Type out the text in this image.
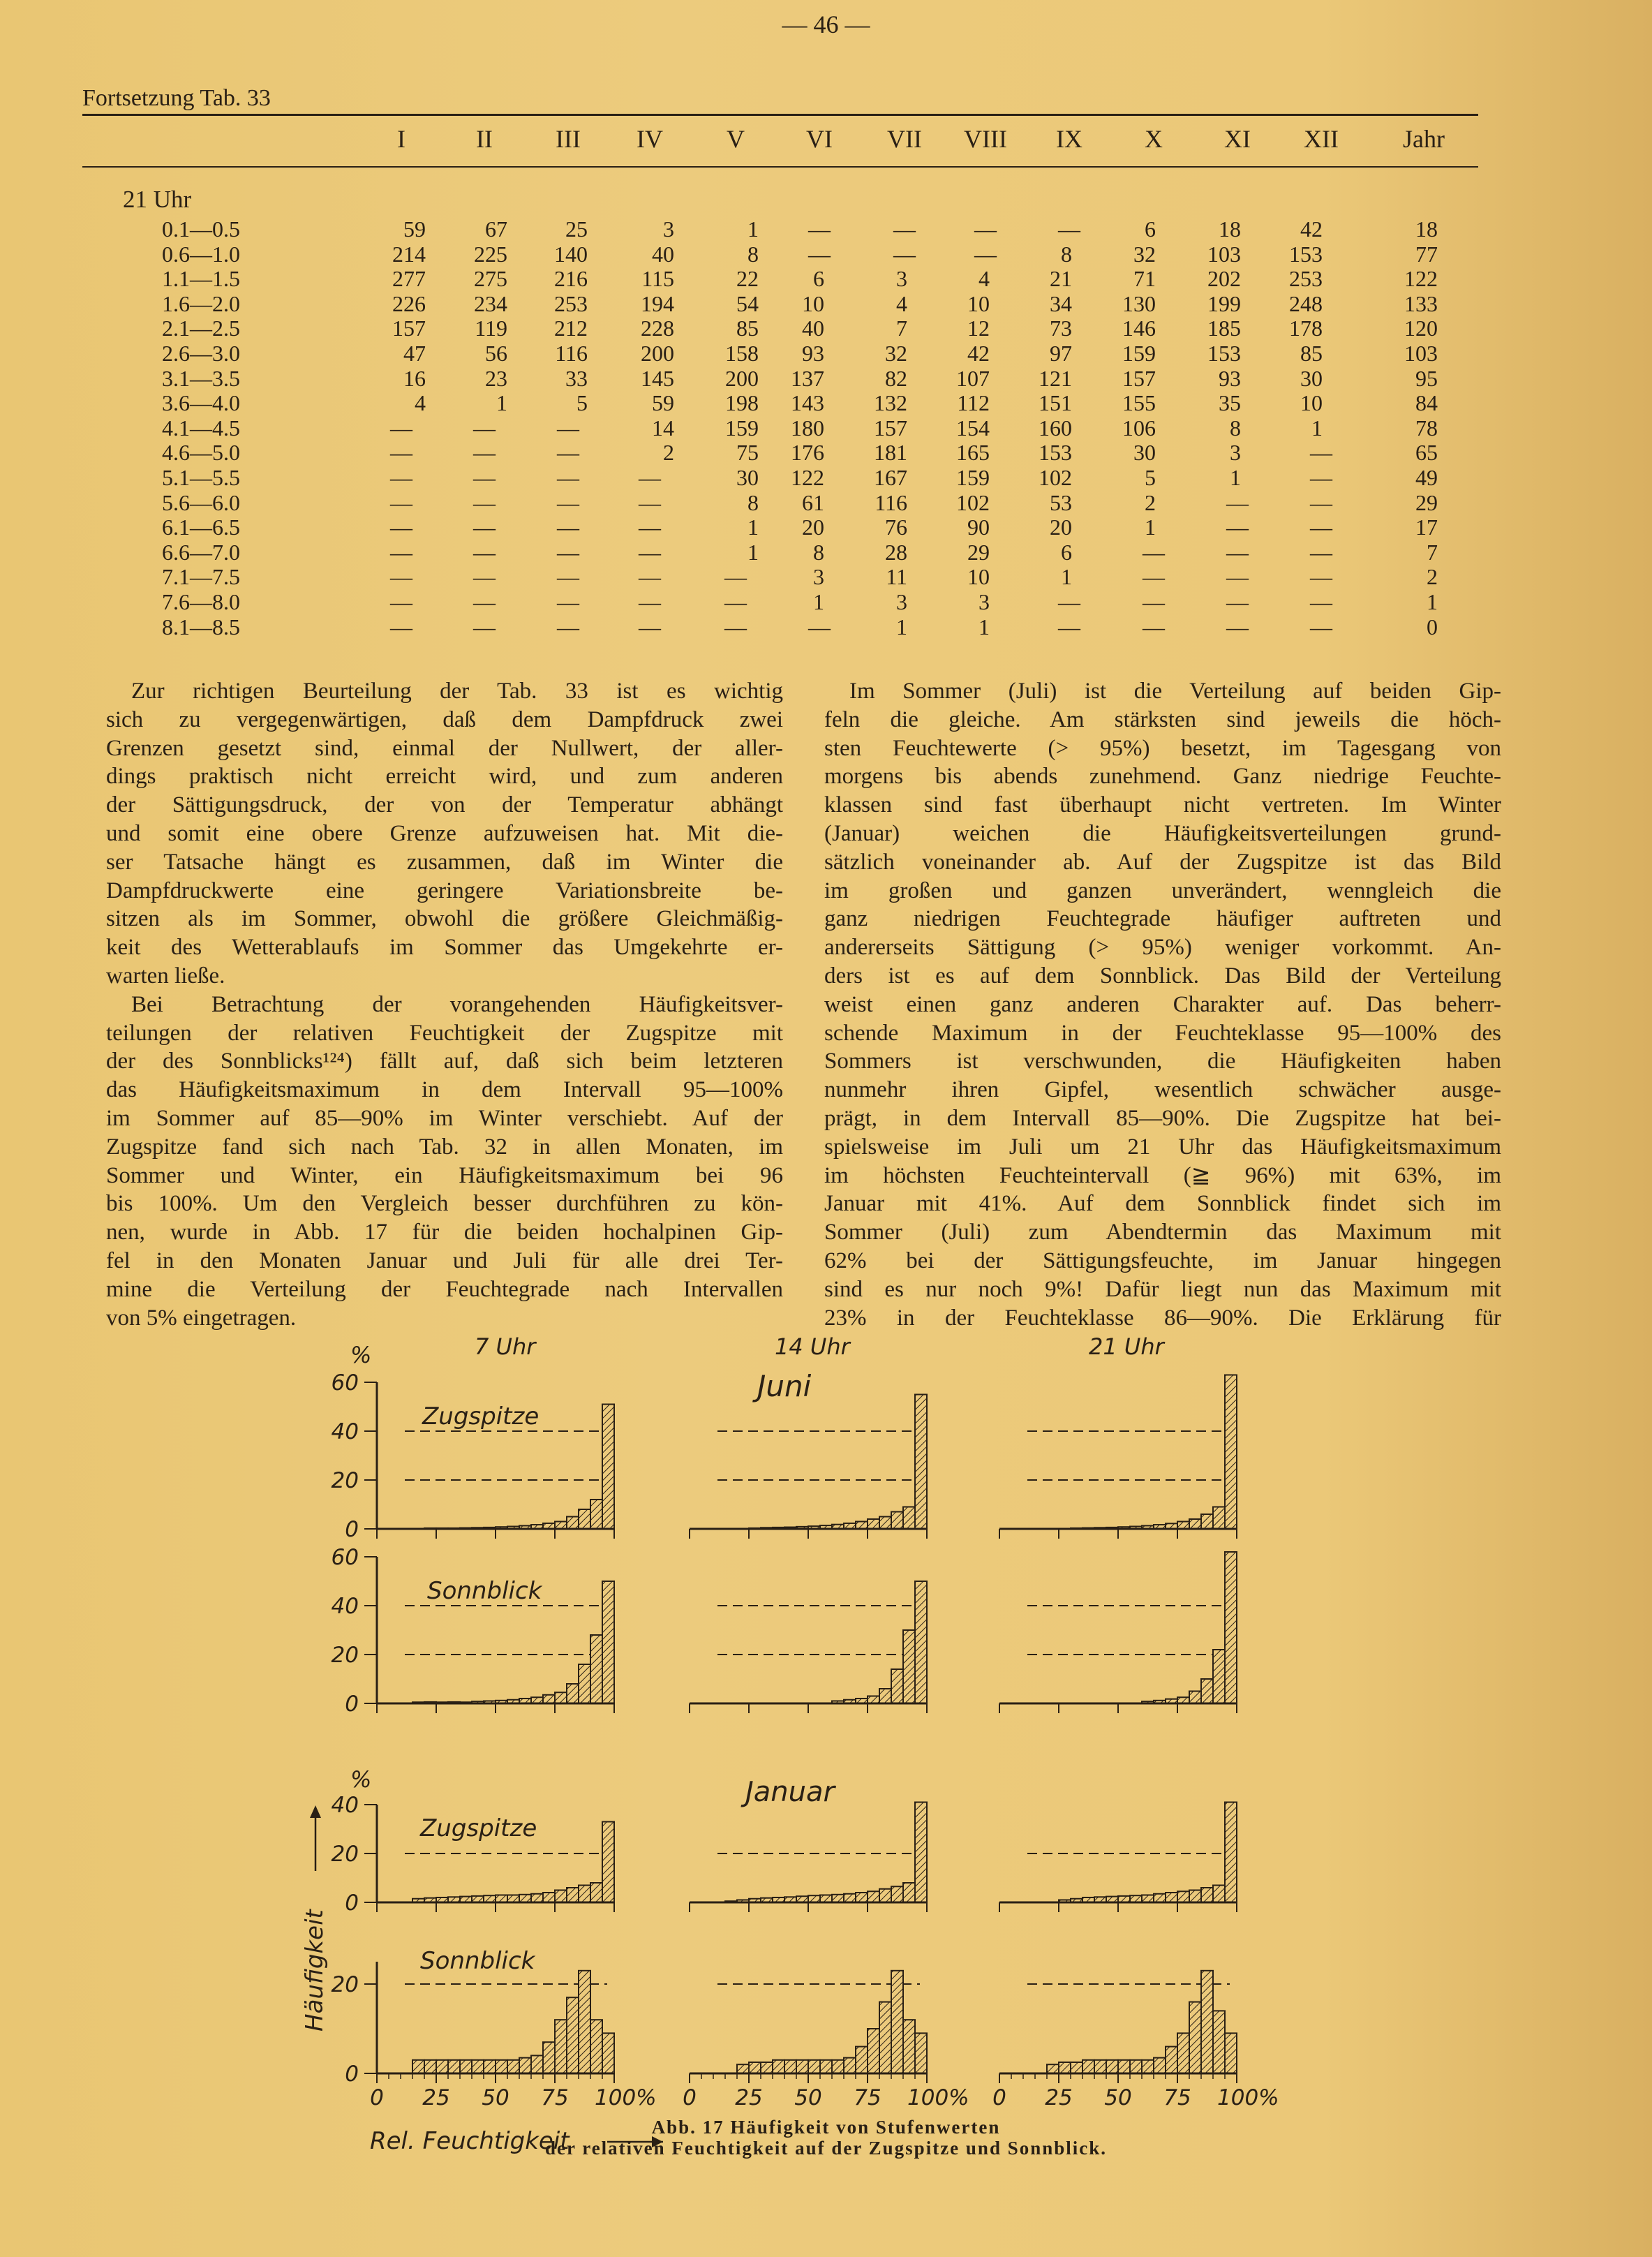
— 46 —
Fortsetzung Tab. 33
I	II	III	IV	V	VI	VII	VIII	IX	X	XI	XII	Jahr
21 Uhr
0.1—0.5	59	67	25	3	1	—	—	—	—	6	18	42	18
0.6—1.0	214	225	140	40	8	—	—	—	8	32	103	153	77
1.1—1.5	277	275	216	115	22	6	3	4	21	71	202	253	122
1.6—2.0	226	234	253	194	54	10	4	10	34	130	199	248	133
2.1—2.5	157	119	212	228	85	40	7	12	73	146	185	178	120
2.6—3.0	47	56	116	200	158	93	32	42	97	159	153	85	103
3.1—3.5	16	23	33	145	200	137	82	107	121	157	93	30	95
3.6—4.0	4	1	5	59	198	143	132	112	151	155	35	10	84
4.1—4.5	—	—	—	14	159	180	157	154	160	106	8	1	78
4.6—5.0	—	—	—	2	75	176	181	165	153	30	3	—	65
5.1—5.5	—	—	—	—	30	122	167	159	102	5	1	—	49
5.6—6.0	—	—	—	—	8	61	116	102	53	2	—	—	29
6.1—6.5	—	—	—	—	1	20	76	90	20	1	—	—	17
6.6—7.0	—	—	—	—	1	8	28	29	6	—	—	—	7
7.1—7.5	—	—	—	—	—	3	11	10	1	—	—	—	2
7.6—8.0	—	—	—	—	—	1	3	3	—	—	—	—	1
8.1—8.5	—	—	—	—	—	—	1	1	—	—	—	—	0

Zur richtigen Beurteilung der Tab. 33 ist es wichtig

sich zu vergegenwärtigen, daß dem Dampfdruck zwei

Grenzen gesetzt sind, einmal der Nullwert, der aller-

dings praktisch nicht erreicht wird, und zum anderen

der Sättigungsdruck, der von der Temperatur abhängt

und somit eine obere Grenze aufzuweisen hat. Mit die-

ser Tatsache hängt es zusammen, daß im Winter die

Dampfdruckwerte eine geringere Variationsbreite be-

sitzen als im Sommer, obwohl die größere Gleichmäßig-

keit des Wetterablaufs im Sommer das Umgekehrte er-

warten ließe.

Bei Betrachtung der vorangehenden Häufigkeitsver-

teilungen der relativen Feuchtigkeit der Zugspitze mit

der des Sonnblicks¹²⁴) fällt auf, daß sich beim letzteren

das Häufigkeitsmaximum in dem Intervall 95—100%

im Sommer auf 85—90% im Winter verschiebt. Auf der

Zugspitze fand sich nach Tab. 32 in allen Monaten, im

Sommer und Winter, ein Häufigkeitsmaximum bei 96

bis 100%. Um den Vergleich besser durchführen zu kön-

nen, wurde in Abb. 17 für die beiden hochalpinen Gip-

fel in den Monaten Januar und Juli für alle drei Ter-

mine die Verteilung der Feuchtegrade nach Intervallen

von 5% eingetragen.

Im Sommer (Juli) ist die Verteilung auf beiden Gip-

feln die gleiche. Am stärksten sind jeweils die höch-

sten Feuchtewerte (> 95%) besetzt, im Tagesgang von

morgens bis abends zunehmend. Ganz niedrige Feuchte-

klassen sind fast überhaupt nicht vertreten. Im Winter

(Januar) weichen die Häufigkeitsverteilungen grund-

sätzlich voneinander ab. Auf der Zugspitze ist das Bild

im großen und ganzen unverändert, wenngleich die

ganz niedrigen Feuchtegrade häufiger auftreten und

andererseits Sättigung (> 95%) weniger vorkommt. An-

ders ist es auf dem Sonnblick. Das Bild der Verteilung

weist einen ganz anderen Charakter auf. Das beherr-

schende Maximum in der Feuchteklasse 95—100% des

Sommers ist verschwunden, die Häufigkeiten haben

nunmehr ihren Gipfel, wesentlich schwächer ausge-

prägt, in dem Intervall 85—90%. Die Zugspitze hat bei-

spielsweise im Juli um 21 Uhr das Häufigkeitsmaximum

im höchsten Feuchteintervall (≧ 96%) mit 63%, im

Januar mit 41%. Auf dem Sonnblick findet sich im

Sommer (Juli) zum Abendtermin das Maximum mit

62% bei der Sättigungsfeuchte, im Januar hingegen

sind es nur noch 9%! Dafür liegt nun das Maximum mit

23% in der Feuchteklasse 86—90%. Die Erklärung für

60
40
20
0
60
40
20
0
40
20
0
20
0
%
%
7 Uhr	14 Uhr	21 Uhr
Juni
Januar
Zugspitze
Sonnblick
Zugspitze
Sonnblick
0 25 50 75 100% 0 25 50 75 100% 0 25 50 75 100%
Rel. Feuchtigkeit
Häufigkeit
Abb. 17 Häufigkeit von Stufenwerten
der relativen Feuchtigkeit auf der Zugspitze und Sonnblick.
